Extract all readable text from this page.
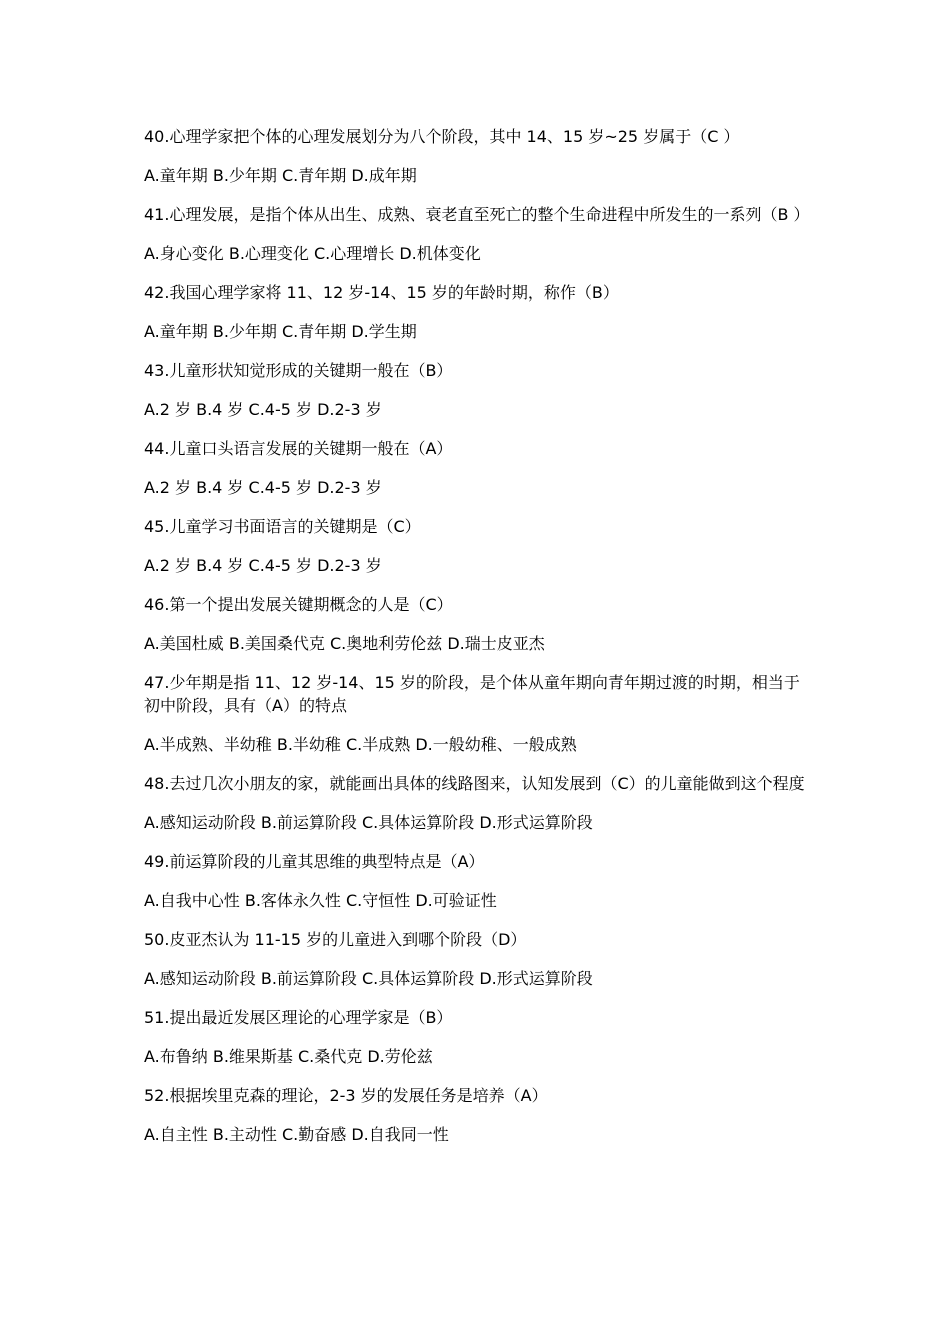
40.心理学家把个体的心理发展划分为八个阶段，其中 14、15 岁~25 岁属于（C ）

A.童年期 B.少年期 C.青年期 D.成年期

41.心理发展，是指个体从出生、成熟、衰老直至死亡的整个生命进程中所发生的一系列（B ）

A.身心变化 B.心理变化 C.心理增长 D.机体变化

42.我国心理学家将 11、12 岁-14、15 岁的年龄时期，称作（B）

A.童年期 B.少年期 C.青年期 D.学生期

43.儿童形状知觉形成的关键期一般在（B）

A.2 岁 B.4 岁 C.4-5 岁 D.2-3 岁

44.儿童口头语言发展的关键期一般在（A）

A.2 岁 B.4 岁 C.4-5 岁 D.2-3 岁

45.儿童学习书面语言的关键期是（C）

A.2 岁 B.4 岁 C.4-5 岁 D.2-3 岁

46.第一个提出发展关键期概念的人是（C）

A.美国杜威 B.美国桑代克 C.奥地利劳伦兹 D.瑞士皮亚杰

47.少年期是指 11、12 岁-14、15 岁的阶段，是个体从童年期向青年期过渡的时期，相当于初中阶段，具有（A）的特点

A.半成熟、半幼稚 B.半幼稚 C.半成熟 D.一般幼稚、一般成熟

48.去过几次小朋友的家，就能画出具体的线路图来，认知发展到（C）的儿童能做到这个程度

A.感知运动阶段 B.前运算阶段 C.具体运算阶段 D.形式运算阶段

49.前运算阶段的儿童其思维的典型特点是（A）

A.自我中心性 B.客体永久性 C.守恒性 D.可验证性

50.皮亚杰认为 11-15 岁的儿童进入到哪个阶段（D）

A.感知运动阶段 B.前运算阶段 C.具体运算阶段 D.形式运算阶段

51.提出最近发展区理论的心理学家是（B）

A.布鲁纳 B.维果斯基 C.桑代克 D.劳伦兹

52.根据埃里克森的理论，2-3 岁的发展任务是培养（A）

A.自主性 B.主动性 C.勤奋感 D.自我同一性
